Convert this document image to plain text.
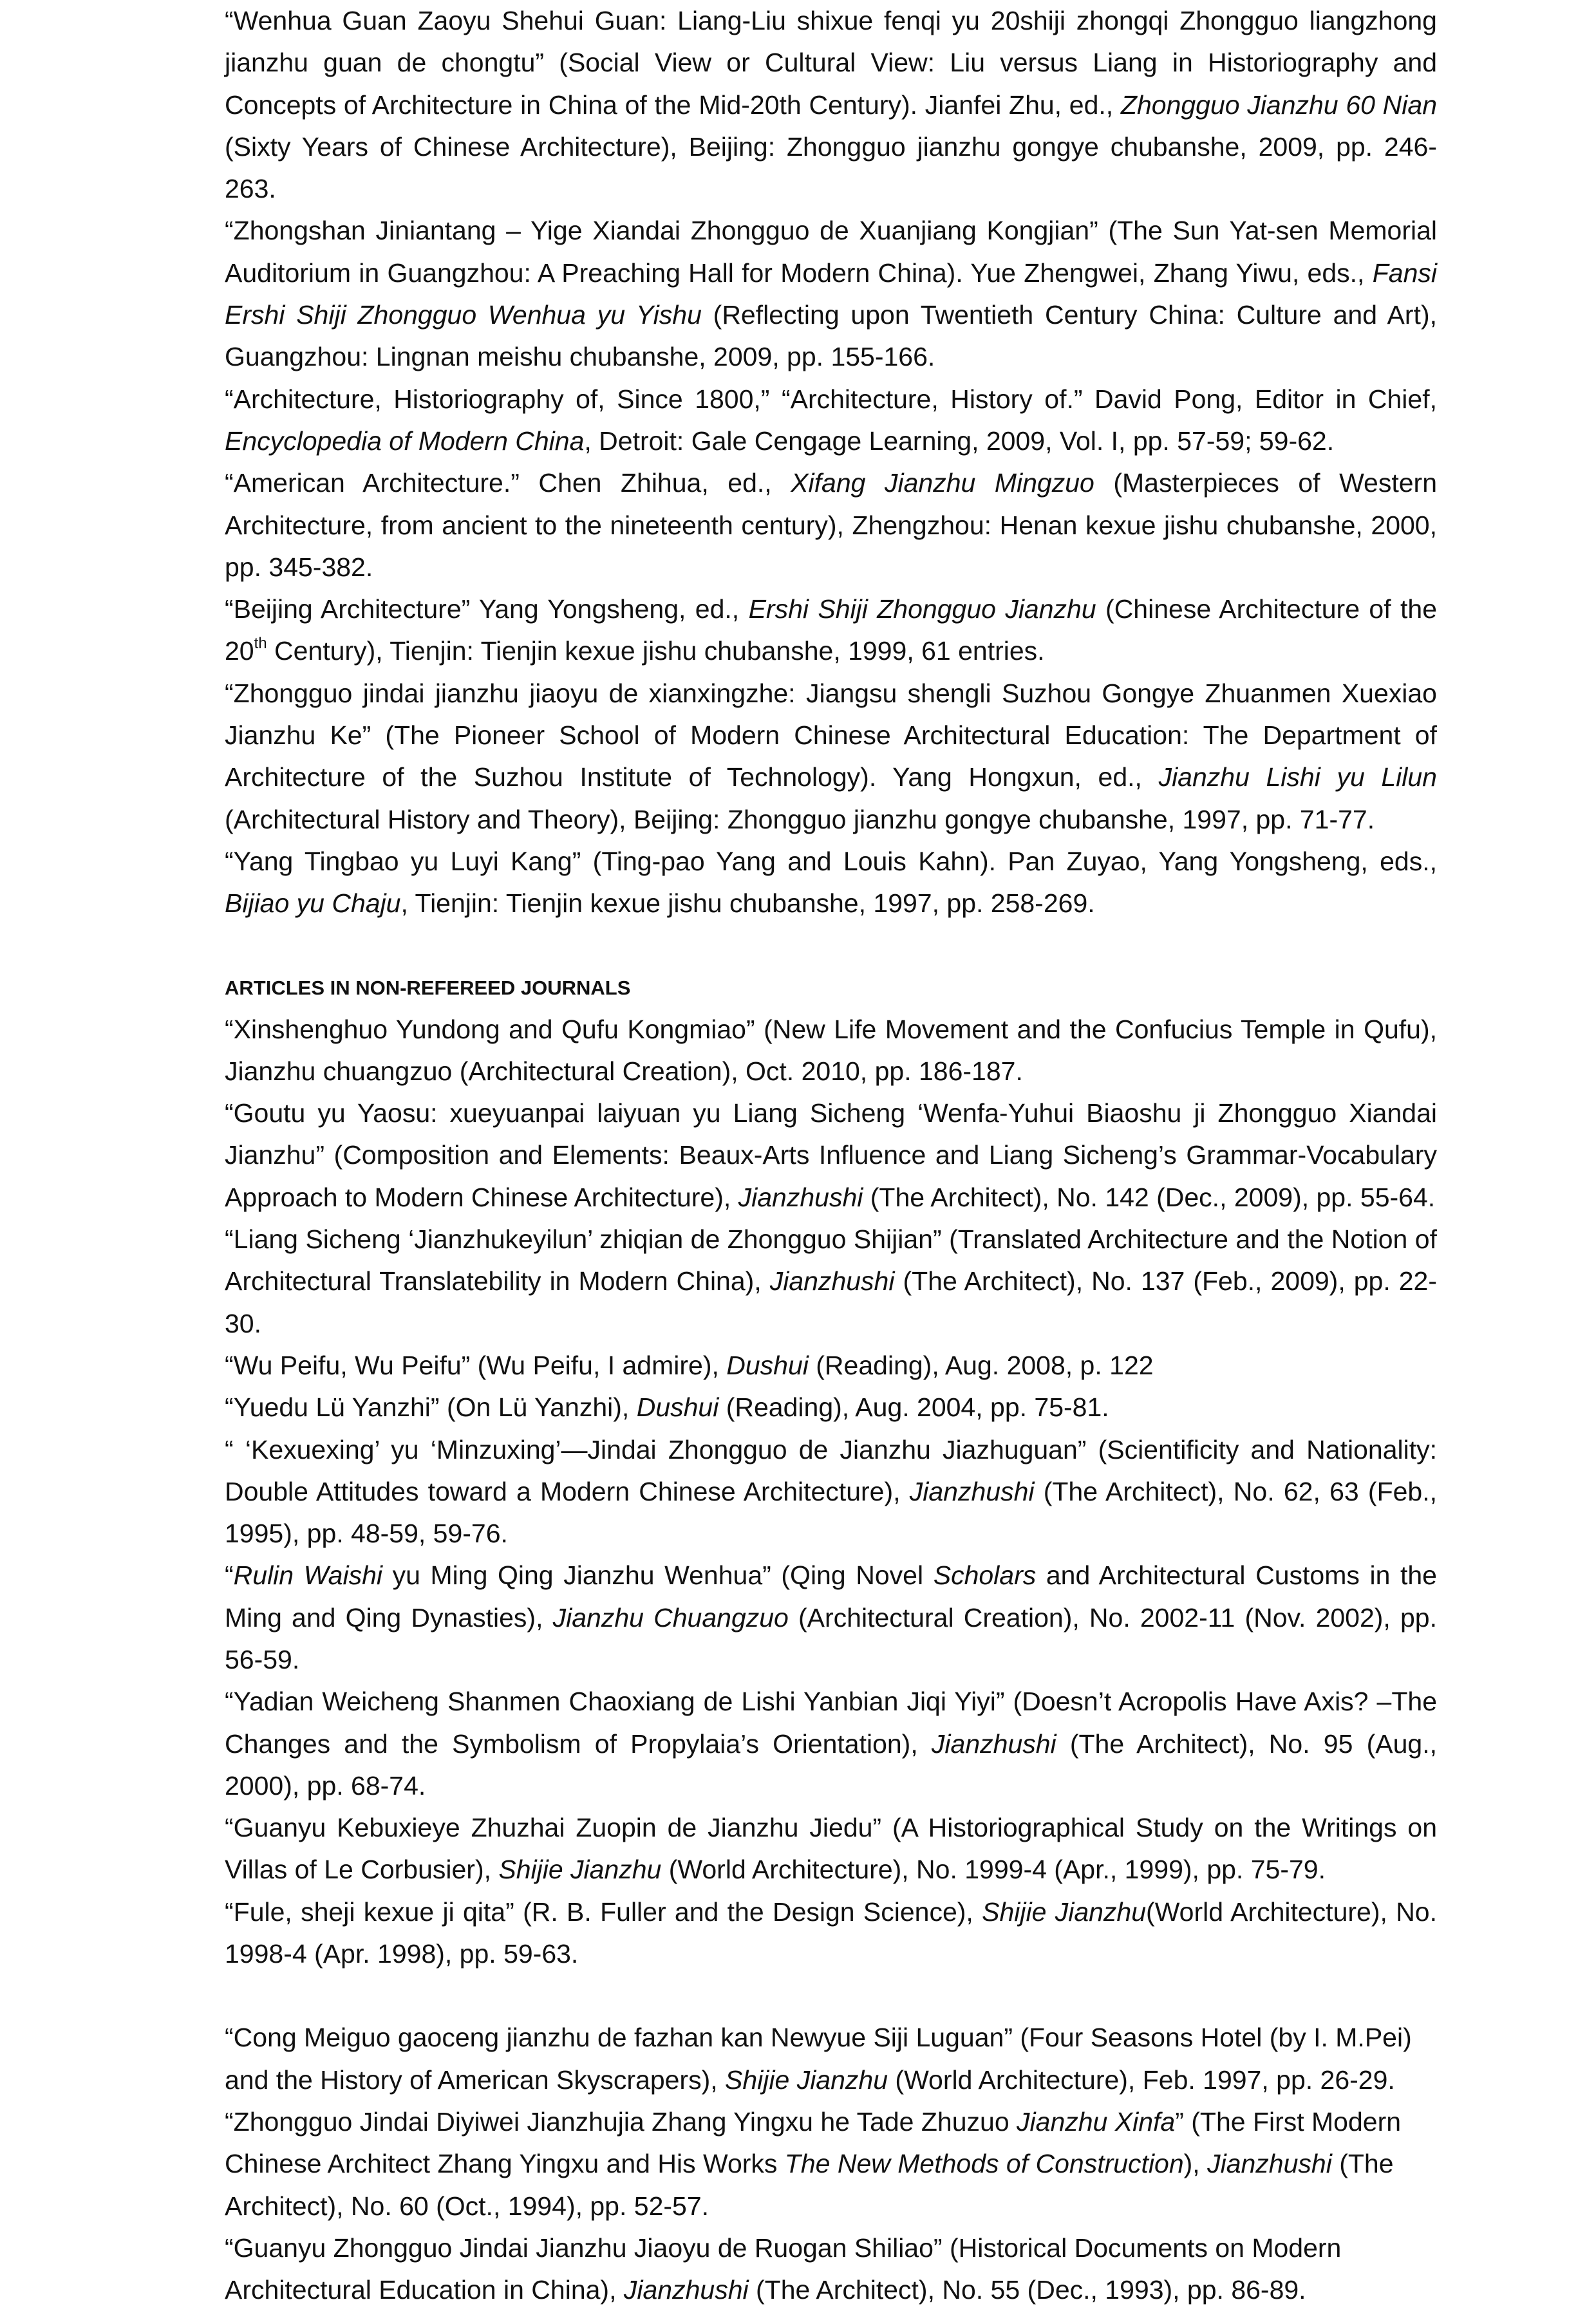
“Wenhua Guan Zaoyu Shehui Guan: Liang-Liu shixue fenqi yu 20shiji zhongqi Zhongguo liangzhong jianzhu guan de chongtu” (Social View or Cultural View: Liu versus Liang in Historiography and Concepts of Architecture in China of the Mid-20th Century). Jianfei Zhu, ed., Zhongguo Jianzhu 60 Nian (Sixty Years of Chinese Architecture), Beijing: Zhongguo jianzhu gongye chubanshe, 2009, pp. 246-263.

“Zhongshan Jiniantang – Yige Xiandai Zhongguo de Xuanjiang Kongjian” (The Sun Yat-sen Memorial Auditorium in Guangzhou: A Preaching Hall for Modern China). Yue Zhengwei, Zhang Yiwu, eds., Fansi Ershi Shiji Zhongguo Wenhua yu Yishu (Reflecting upon Twentieth Century China: Culture and Art), Guangzhou: Lingnan meishu chubanshe, 2009, pp. 155-166.

“Architecture, Historiography of, Since 1800,” “Architecture, History of.” David Pong, Editor in Chief, Encyclopedia of Modern China, Detroit: Gale Cengage Learning, 2009, Vol. I, pp. 57-59; 59-62.

“American Architecture.” Chen Zhihua, ed., Xifang Jianzhu Mingzuo (Masterpieces of Western Architecture, from ancient to the nineteenth century), Zhengzhou: Henan kexue jishu chubanshe, 2000, pp. 345-382.

“Beijing Architecture” Yang Yongsheng, ed., Ershi Shiji Zhongguo Jianzhu (Chinese Architecture of the 20th Century), Tienjin: Tienjin kexue jishu chubanshe, 1999, 61 entries.

“Zhongguo jindai jianzhu jiaoyu de xianxingzhe: Jiangsu shengli Suzhou Gongye Zhuanmen Xuexiao Jianzhu Ke” (The Pioneer School of Modern Chinese Architectural Education: The Department of Architecture of the Suzhou Institute of Technology). Yang Hongxun, ed., Jianzhu Lishi yu Lilun (Architectural History and Theory), Beijing: Zhongguo jianzhu gongye chubanshe, 1997, pp. 71-77.

“Yang Tingbao yu Luyi Kang” (Ting-pao Yang and Louis Kahn). Pan Zuyao, Yang Yongsheng, eds., Bijiao yu Chaju, Tienjin: Tienjin kexue jishu chubanshe, 1997, pp. 258-269.

ARTICLES IN NON-REFEREED JOURNALS

“Xinshenghuo Yundong and Qufu Kongmiao” (New Life Movement and the Confucius Temple in Qufu), Jianzhu chuangzuo (Architectural Creation), Oct. 2010, pp. 186-187.

“Goutu yu Yaosu: xueyuanpai laiyuan yu Liang Sicheng ‘Wenfa-Yuhui Biaoshu ji Zhongguo Xiandai Jianzhu” (Composition and Elements: Beaux-Arts Influence and Liang Sicheng’s Grammar-Vocabulary Approach to Modern Chinese Architecture), Jianzhushi (The Architect), No. 142 (Dec., 2009), pp. 55-64.

“Liang Sicheng ‘Jianzhukeyilun’ zhiqian de Zhongguo Shijian” (Translated Architecture and the Notion of Architectural Translatebility in Modern China), Jianzhushi (The Architect), No. 137 (Feb., 2009), pp. 22-30.

“Wu Peifu, Wu Peifu” (Wu Peifu, I admire), Dushui (Reading), Aug. 2008, p. 122

“Yuedu Lü Yanzhi” (On Lü Yanzhi), Dushui (Reading), Aug. 2004, pp. 75-81.

“ ‘Kexuexing’ yu ‘Minzuxing’—Jindai Zhongguo de Jianzhu Jiazhuguan” (Scientificity and Nationality: Double Attitudes toward a Modern Chinese Architecture), Jianzhushi (The Architect), No. 62, 63 (Feb., 1995), pp. 48-59, 59-76.

“Rulin Waishi yu Ming Qing Jianzhu Wenhua” (Qing Novel Scholars and Architectural Customs in the Ming and Qing Dynasties), Jianzhu Chuangzuo (Architectural Creation), No. 2002-11 (Nov. 2002), pp. 56-59.

“Yadian Weicheng Shanmen Chaoxiang de Lishi Yanbian Jiqi Yiyi” (Doesn’t Acropolis Have Axis? –The Changes and the Symbolism of Propylaia’s Orientation), Jianzhushi (The Architect), No. 95 (Aug., 2000), pp. 68-74.

“Guanyu Kebuxieye Zhuzhai Zuopin de Jianzhu Jiedu” (A Historiographical Study on the Writings on Villas of Le Corbusier), Shijie Jianzhu (World Architecture), No. 1999-4 (Apr., 1999), pp. 75-79.

“Fule, sheji kexue ji qita” (R. B. Fuller and the Design Science), Shijie Jianzhu(World Architecture), No. 1998-4 (Apr. 1998), pp. 59-63.

“Cong Meiguo gaoceng jianzhu de fazhan kan Newyue Siji Luguan” (Four Seasons Hotel (by I. M.Pei) and the History of American Skyscrapers), Shijie Jianzhu (World Architecture), Feb. 1997, pp. 26-29.

“Zhongguo Jindai Diyiwei Jianzhujia Zhang Yingxu he Tade Zhuzuo Jianzhu Xinfa” (The First Modern Chinese Architect Zhang Yingxu and His Works The New Methods of Construction), Jianzhushi (The Architect), No. 60 (Oct., 1994), pp. 52-57.

“Guanyu Zhongguo Jindai Jianzhu Jiaoyu de Ruogan Shiliao” (Historical Documents on Modern Architectural Education in China), Jianzhushi (The Architect), No. 55 (Dec., 1993), pp. 86-89.
